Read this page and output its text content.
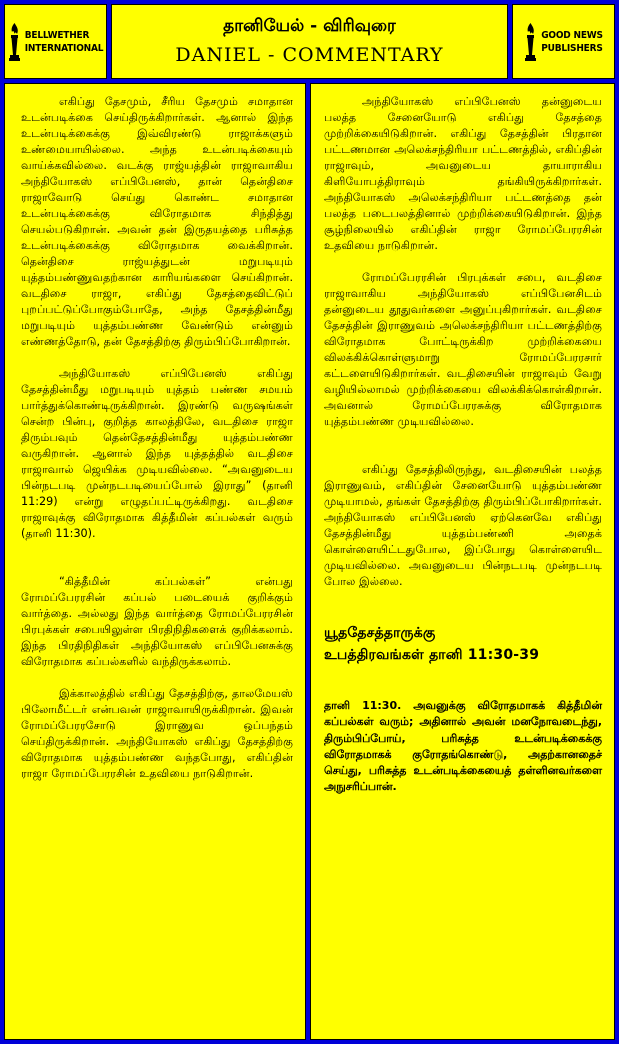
BELLWETHER
INTERNATIONAL
தானியேல் - விரிவுரை
DANIEL - COMMENTARY
GOOD NEWS
PUBLISHERS

எகிப்து தேசமும், சீரிய தேசமும் சமாதான உடன்படிக்கை செய்திருக்கிறார்கள். ஆனால் இந்த உடன்படிக்கைக்கு இவ்விரண்டு ராஜாக்களும் உண்மையாயில்லை. அந்த உடன்படிக்கையும் வாய்க்கவில்லை. வடக்கு ராஜ்யத்தின் ராஜாவாகிய அந்தியோகஸ் எப்பிபேனஸ், தான் தென்திசை ராஜாவோடு செய்து கொண்ட சமாதான உடன்படிக்கைக்கு விரோதமாக சிந்தித்து செயல்படுகிறான். அவன் தன் இருதயத்தை பரிசுத்த உடன்படிக்கைக்கு விரோதமாக வைக்கிறான். தென்திசை ராஜ்யத்துடன் மறுபடியும் யுத்தம்பண்ணுவதற்கான காரியங்களை செய்கிறான். வடதிசை ராஜா, எகிப்து தேசத்தைவிட்டுப் புறப்பட்டுப்போகும்போதே, அந்த தேசத்தின்மீது மறுபடியும் யுத்தம்பண்ண வேண்டும் என்னும் எண்ணத்தோடு, தன் தேசத்திற்கு திரும்பிப்போகிறான்.

அந்தியோகஸ் எப்பிபேனஸ் எகிப்து தேசத்தின்மீது மறுபடியும் யுத்தம் பண்ண சமயம் பார்த்துக்கொண்டிருக்கிறான். இரண்டு வருஷங்கள் சென்ற பின்பு, குறித்த காலத்திலே, வடதிசை ராஜா திரும்பவும் தென்தேசத்தின்மீது யுத்தம்பண்ண வருகிறான். ஆனால் இந்த யுத்தத்தில் வடதிசை ராஜாவால் ஜெயிக்க முடியவில்லை. “அவனுடைய பின்நடபடி முன்நடபடியைப்போல் இராது” (தானி 11:29) என்று எழுதப்பட்டிருக்கிறது. வடதிசை ராஜாவுக்கு விரோதமாக கித்தீமின் கப்பல்கள் வரும் (தானி 11:30).

“கித்தீமின் கப்பல்கள்” என்பது ரோமப்பேரரசின் கப்பல் படையைக் குறிக்கும் வார்த்தை. அல்லது இந்த வார்த்தை ரோமப்பேரரசின் பிரபுக்கள் சபையிலுள்ள பிரதிநிதிகளைக் குறிக்கலாம். இந்த பிரதிநிதிகள் அந்தியோகஸ் எப்பிபேனசுக்கு விரோதமாக கப்பல்களில் வந்திருக்கலாம்.

இக்காலத்தில் எகிப்து தேசத்திற்கு, தாலமேயஸ் பிலோமீட்டர் என்பவன் ராஜாவாயிருக்கிறான். இவன் ரோமப்பேரரசோடு இராணுவ ஒப்பந்தம் செய்திருக்கிறான். அந்தியோகஸ் எகிப்து தேசத்திற்கு விரோதமாக யுத்தம்பண்ண வந்தபோது, எகிப்தின் ராஜா ரோமப்பேரரசின் உதவியை நாடுகிறான்.

அந்தியோகஸ் எப்பிபேனஸ் தன்னுடைய பலத்த சேனையோடு எகிப்து தேசத்தை முற்றிக்கையிடுகிறான். எகிப்து தேசத்தின் பிரதான பட்டணமான அலெக்சந்திரியா பட்டணத்தில், எகிப்தின் ராஜாவும், அவனுடைய தாயாராகிய கிளியோபத்திராவும் தங்கியிருக்கிறார்கள். அந்தியோகஸ் அலெக்சந்திரியா பட்டணத்தை தன் பலத்த படைபலத்தினால் முற்றிக்கையிடுகிறான். இந்த சூழ்நிலையில் எகிப்தின் ராஜா ரோமப்பேரரசின் உதவியை நாடுகிறான்.

ரோமப்பேரரசின் பிரபுக்கள் சபை, வடதிசை ராஜாவாகிய அந்தியோகஸ் எப்பிபேனசிடம் தன்னுடைய தூதுவர்களை அனுப்புகிறார்கள். வடதிசை தேசத்தின் இராணுவம் அலெக்சந்திரியா பட்டணத்திற்கு விரோதமாக போட்டிருக்கிற முற்றிக்கையை விலக்கிக்கொள்ளுமாறு ரோமப்பேரரசார் கட்டளையிடுகிறார்கள். வடதிசையின் ராஜாவும் வேறு வழியில்லாமல் முற்றிக்கையை விலக்கிக்கொள்கிறான். அவனால் ரோமப்பேரரசுக்கு விரோதமாக யுத்தம்பண்ண முடியவில்லை.

எகிப்து தேசத்திலிருந்து, வடதிசையின் பலத்த இராணுவம், எகிப்தின் சேனையோடு யுத்தம்பண்ண முடியாமல், தங்கள் தேசத்திற்கு திரும்பிப்போகிறார்கள். அந்தியோகஸ் எப்பிபேனஸ் ஏற்கெனவே எகிப்து தேசத்தின்மீது யுத்தம்பண்ணி அதைக் கொள்ளையிட்டதுபோல, இப்போது கொள்ளையிட முடியவில்லை. அவனுடைய பின்நடபடி முன்நடபடி போல இல்லை.

யூததேசத்தாருக்கு
உபத்திரவங்கள் தானி 11:30-39

தானி 11:30. அவனுக்கு விரோதமாகக் கித்தீமின் கப்பல்கள் வரும்; அதினால் அவன் மனநோவடைந்து, திரும்பிப்போய், பரிசுத்த உடன்படிக்கைக்கு விரோதமாகக் குரோதங்கொண்டு, அதற்கானதைச் செய்து, பரிசுத்த உடன்படிக்கையைத் தள்ளினவர்களை அநுசரிப்பான்.
